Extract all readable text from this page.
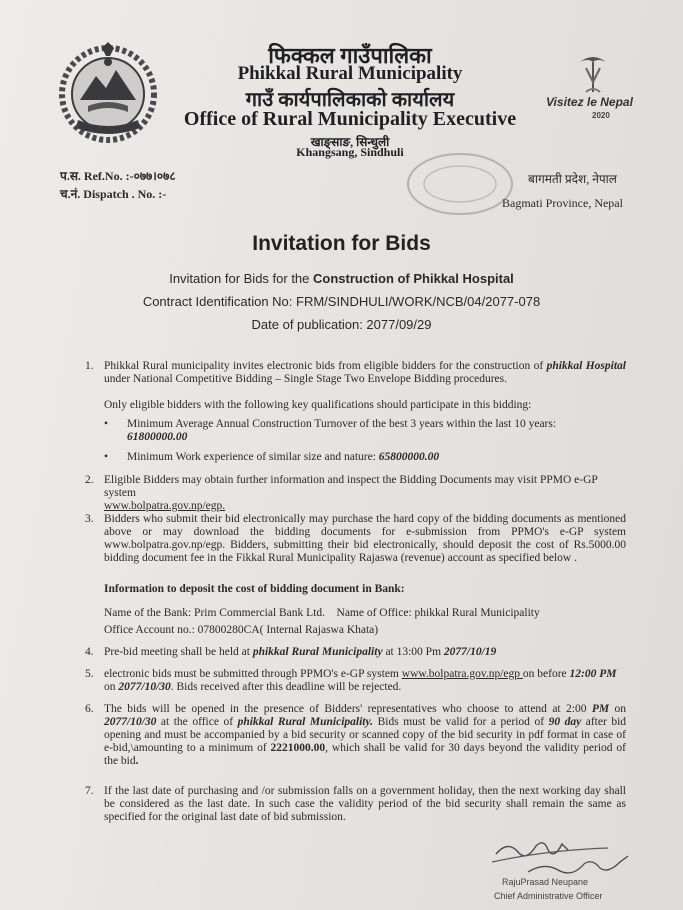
Visitez le Nepal
2020
फिक्कल गाउँपालिका
Phikkal Rural Municipality
गाउँ कार्यपालिकाको कार्यालय
Office of Rural Municipality Executive
खाङ्साङ, सिन्धुली
Khangsang, Sindhuli
प.स. Ref.No. :-०७७।०७८
च.नं. Dispatch . No. :-
बागमती प्रदेश, नेपाल
Bagmati Province, Nepal
Invitation for Bids
Invitation for Bids for the Construction of Phikkal Hospital
Contract Identification No: FRM/SINDHULI/WORK/NCB/04/2077-078
Date of publication: 2077/09/29
1. Phikkal Rural municipality invites electronic bids from eligible bidders for the construction of phikkal Hospital under National Competitive Bidding – Single Stage Two Envelope Bidding procedures.
Only eligible bidders with the following key qualifications should participate in this bidding:
• Minimum Average Annual Construction Turnover of the best 3 years within the last 10 years:
61800000.00
• Minimum Work experience of similar size and nature: 65800000.00
2. Eligible Bidders may obtain further information and inspect the Bidding Documents may visit PPMO e-GP system
www.bolpatra.gov.np/egp.
3. Bidders who submit their bid electronically may purchase the hard copy of the bidding documents as mentioned above or may download the bidding documents for e-submission from PPMO's e-GP system www.bolpatra.gov.np/egp. Bidders, submitting their bid electronically, should deposit the cost of Rs.5000.00 bidding document fee in the Fikkal Rural Municipality Rajaswa (revenue) account as specified below .
Information to deposit the cost of bidding document in Bank:
Name of the Bank: Prim Commercial Bank Ltd.    Name of Office: phikkal Rural Municipality
Office Account no.: 07800280CA( Internal Rajaswa Khata)
4. Pre-bid meeting shall be held at phikkal Rural Municipality at 13:00 Pm 2077/10/19
5. electronic bids must be submitted through PPMO's e-GP system www.bolpatra.gov.np/egp on before 12:00 PM on 2077/10/30. Bids received after this deadline will be rejected.
6. The bids will be opened in the presence of Bidders' representatives who choose to attend at 2:00 PM on 2077/10/30 at the office of phikkal Rural Municipality. Bids must be valid for a period of 90 day after bid opening and must be accompanied by a bid security or scanned copy of the bid security in pdf format in case of e-bid,\amounting to a minimum of 2221000.00, which shall be valid for 30 days beyond the validity period of the bid.
7. If the last date of purchasing and /or submission falls on a government holiday, then the next working day shall be considered as the last date. In such case the validity period of the bid security shall remain the same as specified for the original last date of bid submission.
RajuPrasad Neupane
Chief Administrative Officer
